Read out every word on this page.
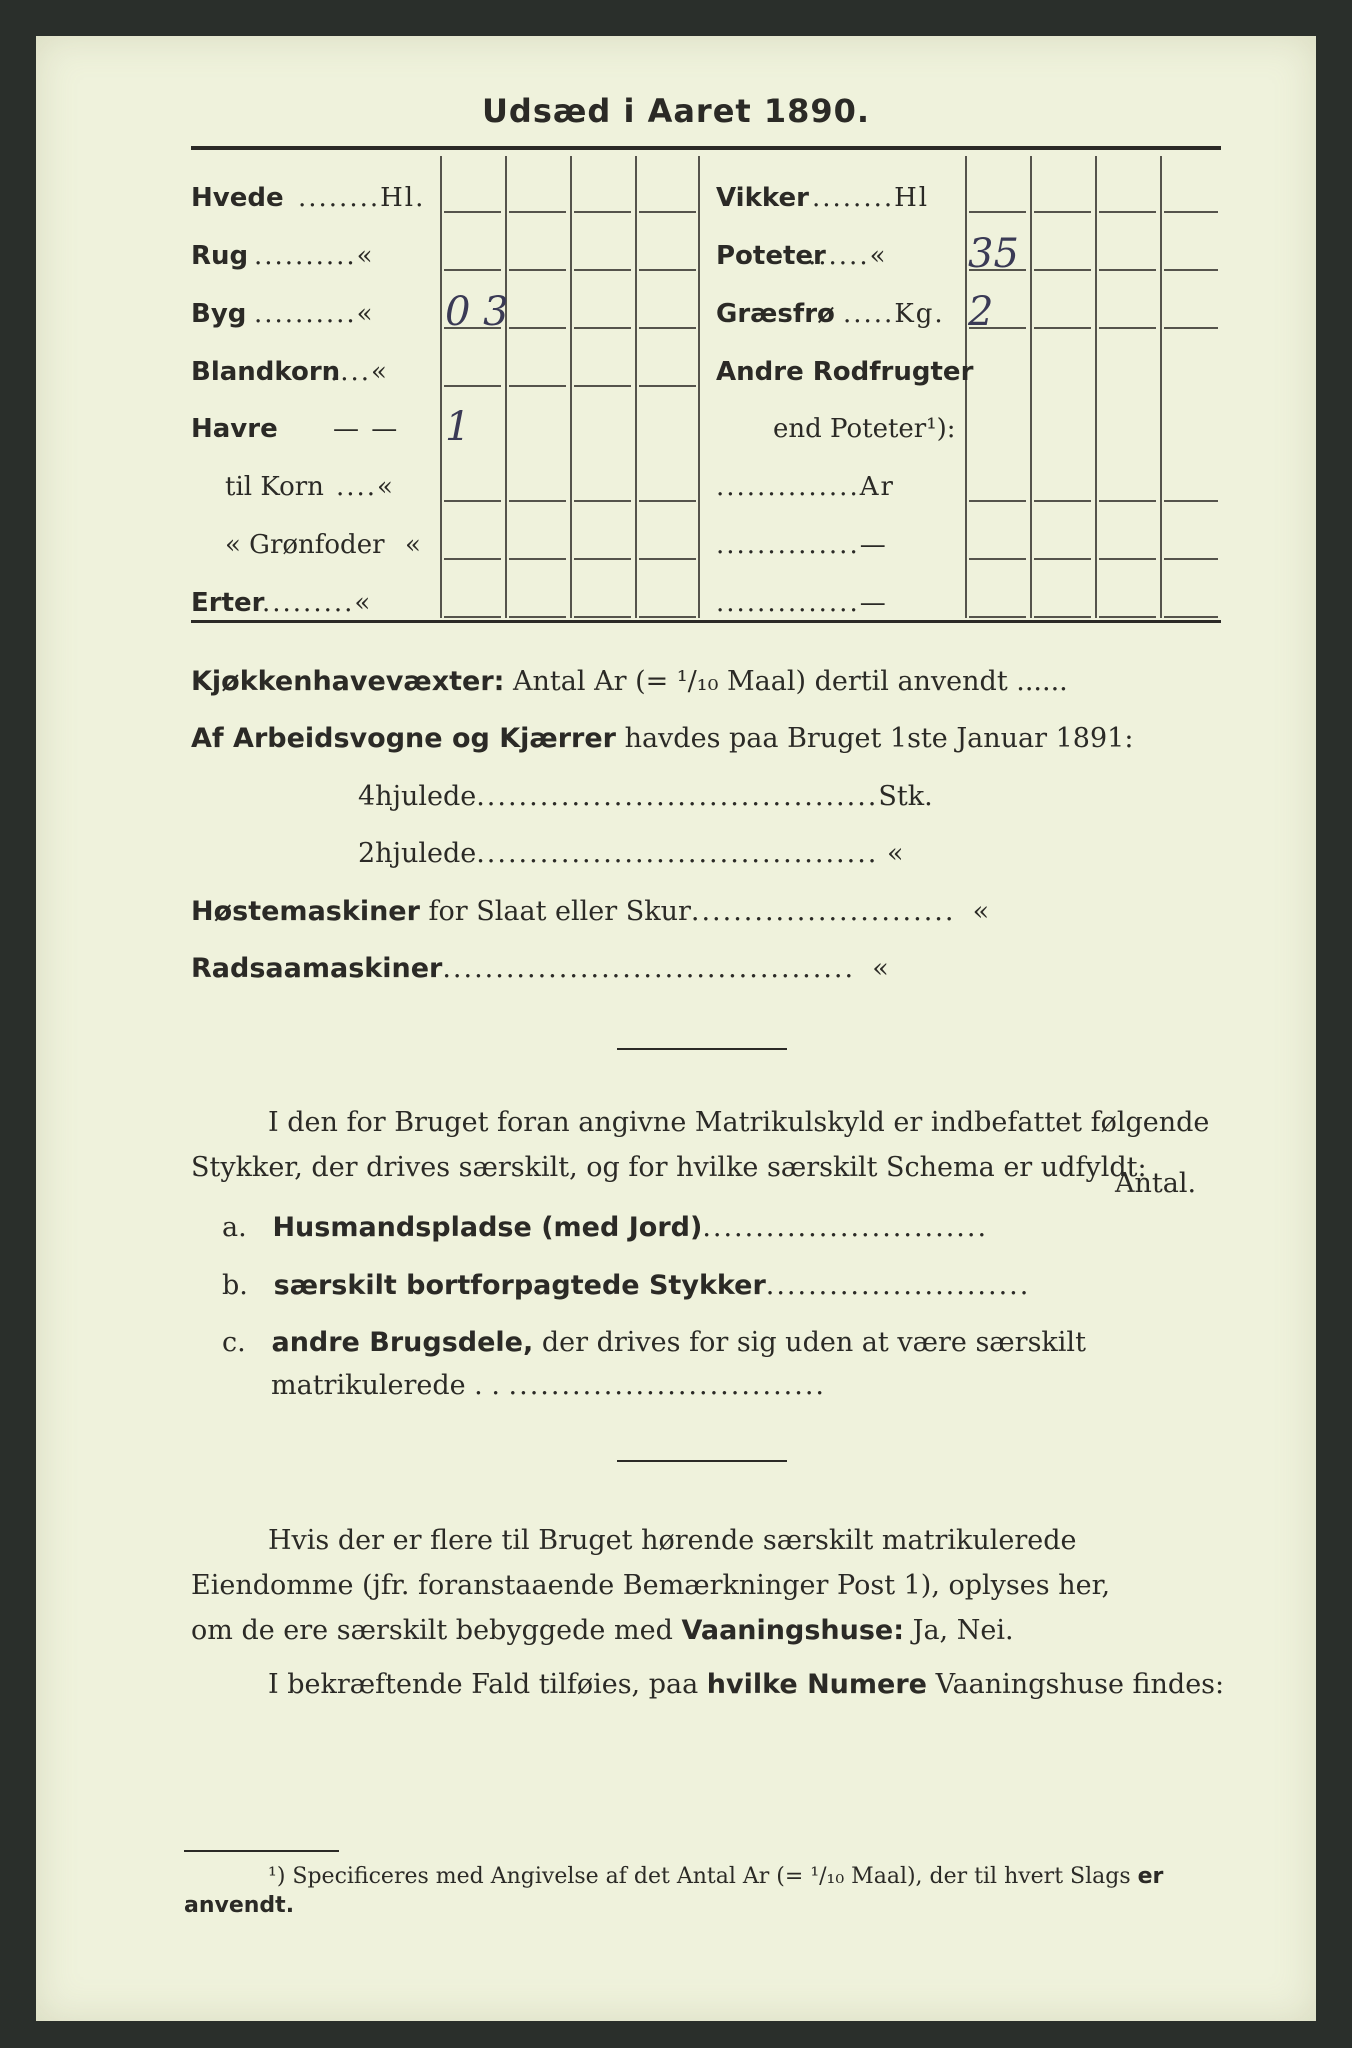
Udsæd i Aaret 1890.
Hvede ........Hl.
Rug ..........«
Byg ..........« 0 3
Blandkorn
....«
Havre — — 1
til Korn ....«
« Grønfoder «
Erter
.........«
Vikker ........Hl
Poteter
......« 35
Græsfrø .....Kg. 2
Andre Rodfrugter
end Poteter¹):
..............Ar
..............—
..............—
Kjøkkenhavevæxter: Antal Ar (= ¹/₁₀ Maal) dertil anvendt ......
Af Arbeidsvogne og Kjærrer havdes paa Bruget 1ste Januar 1891:
4hjulede......................................Stk.
2hjulede...................................... «
Høstemaskiner for Slaat eller Skur......................... «
Radsaamaskiner....................................... «
I den for Bruget foran angivne Matrikulskyld er indbefattet følgende
Stykker, der drives særskilt, og for hvilke særskilt Schema er udfyldt:
Antal.
a. Husmandspladse (med Jord)...........................
b. særskilt bortforpagtede Stykker.........................
c. andre Brugsdele, der drives for sig uden at være særskilt
matrikulerede . . ..............................
Hvis der er flere til Bruget hørende særskilt matrikulerede
Eiendomme (jfr. foranstaaende Bemærkninger Post 1), oplyses her,
om de ere særskilt bebyggede med Vaaningshuse: Ja, Nei.
I bekræftende Fald tilføies, paa hvilke Numere Vaaningshuse findes:
¹) Specificeres med Angivelse af det Antal Ar (= ¹/₁₀ Maal), der til hvert Slags er
anvendt.
